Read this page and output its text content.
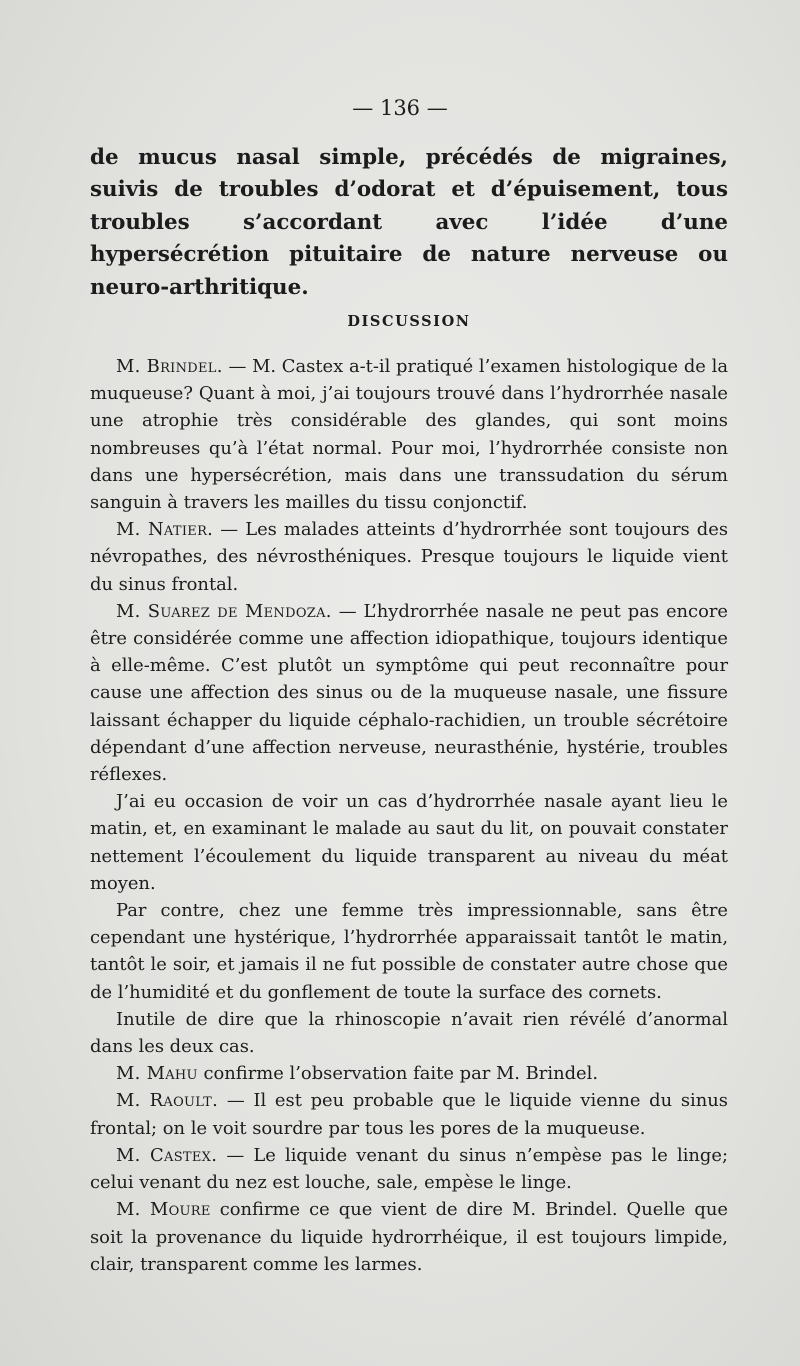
— 136 —
de mucus nasal simple, précédés de migraines, suivis de troubles d’odorat et d’épuisement, tous troubles s’accordant avec l’idée d’une hypersécrétion pituitaire de nature nerveuse ou neuro-arthritique.
DISCUSSION

M. Brindel. — M. Castex a-t-il pratiqué l’examen histologique de la muqueuse? Quant à moi, j’ai toujours trouvé dans l’hydrorrhée nasale une atrophie très considérable des glandes, qui sont moins nombreuses qu’à l’état normal. Pour moi, l’hydrorrhée consiste non dans une hypersécrétion, mais dans une transsudation du sérum sanguin à travers les mailles du tissu conjonctif.

M. Natier. — Les malades atteints d’hydrorrhée sont toujours des névropathes, des névrosthéniques. Presque toujours le liquide vient du sinus frontal.

M. Suarez de Mendoza. — L’hydrorrhée nasale ne peut pas encore être considérée comme une affection idiopathique, toujours identique à elle-même. C’est plutôt un symptôme qui peut reconnaître pour cause une affection des sinus ou de la muqueuse nasale, une fissure laissant échapper du liquide céphalo-rachidien, un trouble sécrétoire dépendant d’une affection nerveuse, neurasthénie, hystérie, troubles réflexes.

J’ai eu occasion de voir un cas d’hydrorrhée nasale ayant lieu le matin, et, en examinant le malade au saut du lit, on pouvait constater nettement l’écoulement du liquide transparent au niveau du méat moyen.

Par contre, chez une femme très impressionnable, sans être cependant une hystérique, l’hydrorrhée apparaissait tantôt le matin, tantôt le soir, et jamais il ne fut possible de constater autre chose que de l’humidité et du gonflement de toute la surface des cornets.

Inutile de dire que la rhinoscopie n’avait rien révélé d’anormal dans les deux cas.

M. Mahu confirme l’observation faite par M. Brindel.

M. Raoult. — Il est peu probable que le liquide vienne du sinus frontal; on le voit sourdre par tous les pores de la muqueuse.

M. Castex. — Le liquide venant du sinus n’empèse pas le linge; celui venant du nez est louche, sale, empèse le linge.

M. Moure confirme ce que vient de dire M. Brindel. Quelle que soit la provenance du liquide hydrorrhéique, il est toujours limpide, clair, transparent comme les larmes.
